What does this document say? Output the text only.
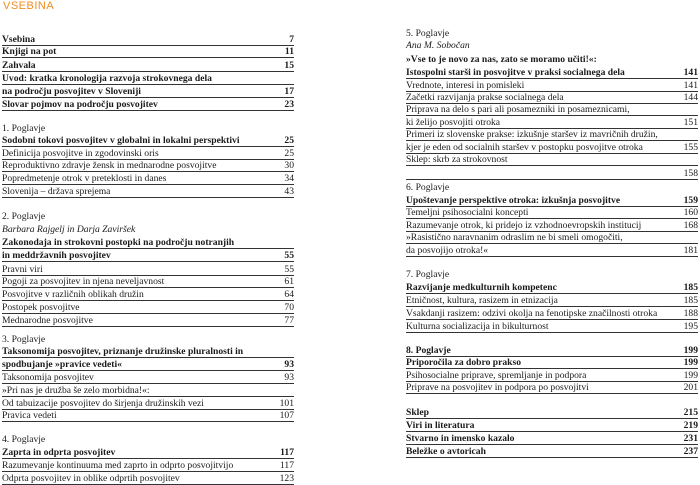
VSEBINA
Vsebina	7
Knjigi na pot	11
Zahvala	15
Uvod: kratka kronologija razvoja strokovnega dela
na področju posvojitev v Sloveniji	17
Slovar pojmov na področju posvojitev	23
1. Poglavje
Sodobni tokovi posvojitev v globalni in lokalni perspektivi	25
Definicija posvojitve in zgodovinski oris	25
Reproduktivno zdravje žensk in mednarodne posvojitve	30
Popredmetenje otrok v preteklosti in danes	34
Slovenija – država sprejema	43
2. Poglavje
Barbara Rajgelj in Darja Zaviršek
Zakonodaja in strokovni postopki na področju notranjih
in meddržavnih posvojitev	55
Pravni viri	55
Pogoji za posvojitev in njena neveljavnost	61
Posvojitve v različnih oblikah družin	64
Postopek posvojitve	70
Mednarodne posvojitve	77
3. Poglavje
Taksonomija posvojitev, priznanje družinske pluralnosti in
spodbujanje »pravice vedeti«	93
Taksonomija posvojitev	93
»Pri nas je družba še zelo morbidna!«:
Od tabuizacije posvojitev do širjenja družinskih vezi	101
Pravica vedeti	107
4. Poglavje
Zaprta in odprta posvojitev	117
Razumevanje kontinuuma med zaprto in odprto posvojitvijo	117
Odprta posvojitev in oblike odprtih posvojitev	123
5. Poglavje
Ana M. Sobočan
»Vse to je novo za nas, zato se moramo učiti!«:
Istospolni starši in posvojitve v praksi socialnega dela	141
Vrednote, interesi in pomisleki	141
Začetki razvijanja prakse socialnega dela	144
Priprava na delo s pari ali posamezniki in posameznicami,
ki želijo posvojiti otroka	151
Primeri iz slovenske prakse: izkušnje staršev iz mavričnih družin,
kjer je eden od socialnih staršev v postopku posvojitve otroka	155
Sklep: skrb za strokovnost
158
6. Poglavje
Upoštevanje perspektive otroka: izkušnja posvojitve	159
Temeljni psihosocialni koncepti	160
Razumevanje otrok, ki pridejo iz vzhodnoevropskih institucij	168
»Rasistično naravnanim odraslim ne bi smeli omogočiti,
da posvojijo otroka!«	181
7. Poglavje
Razvijanje medkulturnih kompetenc	185
Etničnost, kultura, rasizem in etnizacija	185
Vsakdanji rasizem: odzivi okolja na fenotipske značilnosti otroka	188
Kulturna socializacija in bikulturnost	195
8. Poglavje	199
Priporočila za dobro prakso	199
Psihosocialne priprave, spremljanje in podpora	199
Priprave na posvojitev in podpora po posvojitvi	201
Sklep	215
Viri in literatura	219
Stvarno in imensko kazalo	231
Beležke o avtoricah	237
